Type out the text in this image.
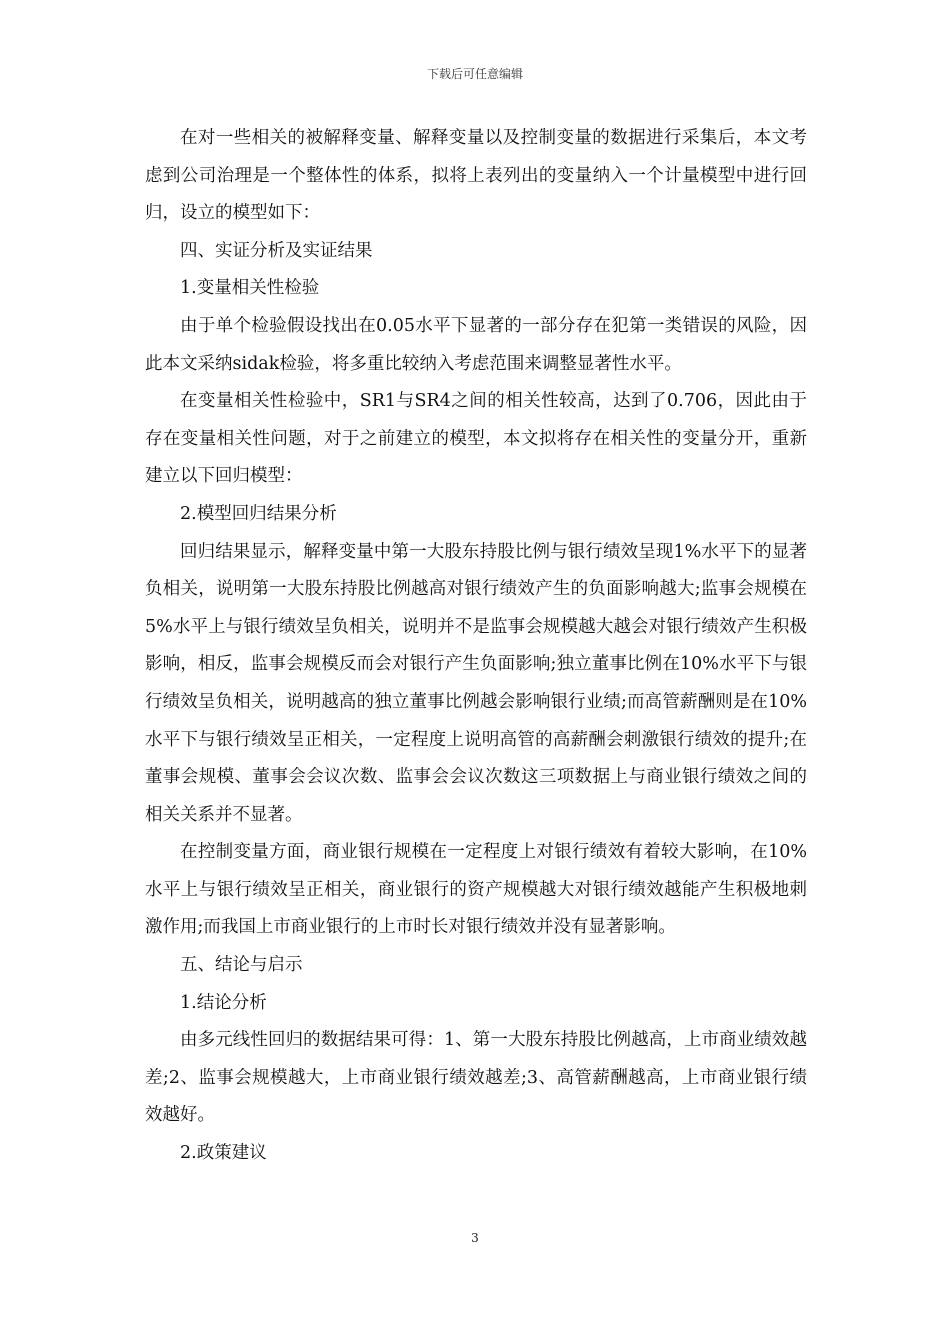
下载后可任意编辑

在对一些相关的被解释变量、解释变量以及控制变量的数据进行采集后，本文考虑到公司治理是一个整体性的体系，拟将上表列出的变量纳入一个计量模型中进行回归，设立的模型如下：

四、实证分析及实证结果

1.变量相关性检验

由于单个检验假设找出在0.05水平下显著的一部分存在犯第一类错误的风险，因此本文采纳sidak检验，将多重比较纳入考虑范围来调整显著性水平。

在变量相关性检验中，SR1与SR4之间的相关性较高，达到了0.706，因此由于存在变量相关性问题，对于之前建立的模型，本文拟将存在相关性的变量分开，重新建立以下回归模型：

2.模型回归结果分析

回归结果显示，解释变量中第一大股东持股比例与银行绩效呈现1%水平下的显著负相关，说明第一大股东持股比例越高对银行绩效产生的负面影响越大;监事会规模在5%水平上与银行绩效呈负相关，说明并不是监事会规模越大越会对银行绩效产生积极影响，相反，监事会规模反而会对银行产生负面影响;独立董事比例在10%水平下与银行绩效呈负相关，说明越高的独立董事比例越会影响银行业绩;而高管薪酬则是在10%水平下与银行绩效呈正相关，一定程度上说明高管的高薪酬会刺激银行绩效的提升;在董事会规模、董事会会议次数、监事会会议次数这三项数据上与商业银行绩效之间的相关关系并不显著。

在控制变量方面，商业银行规模在一定程度上对银行绩效有着较大影响，在10%水平上与银行绩效呈正相关，商业银行的资产规模越大对银行绩效越能产生积极地刺激作用;而我国上市商业银行的上市时长对银行绩效并没有显著影响。

五、结论与启示

1.结论分析

由多元线性回归的数据结果可得：1、第一大股东持股比例越高，上市商业绩效越差;2、监事会规模越大，上市商业银行绩效越差;3、高管薪酬越高，上市商业银行绩效越好。

2.政策建议

3
